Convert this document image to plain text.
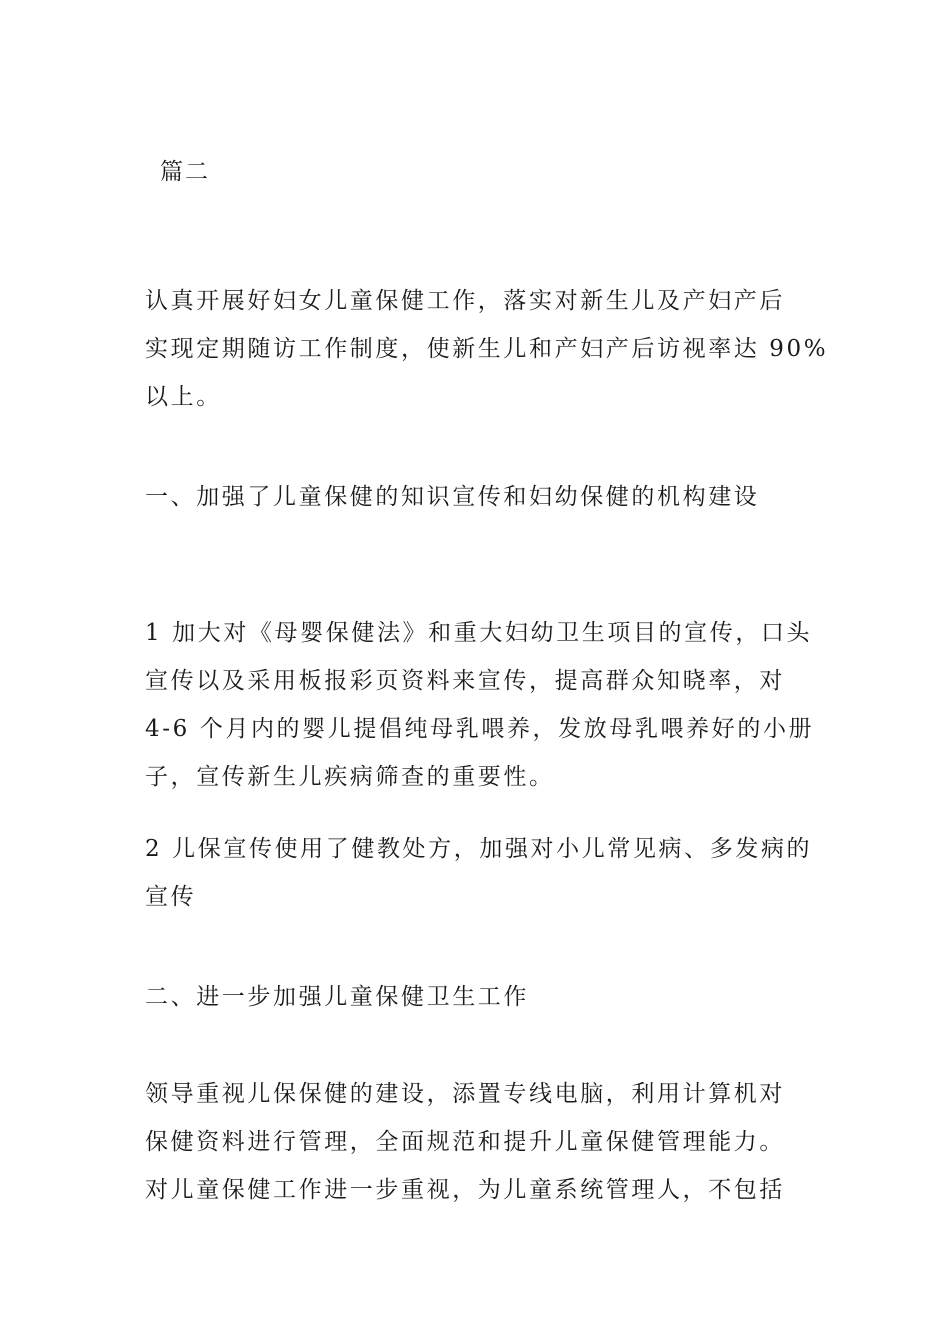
篇二
认真开展好妇女儿童保健工作，落实对新生儿及产妇产后
实现定期随访工作制度，使新生儿和产妇产后访视率达 90%
以上。
一、加强了儿童保健的知识宣传和妇幼保健的机构建设
1 加大对《母婴保健法》和重大妇幼卫生项目的宣传，口头
宣传以及采用板报彩页资料来宣传，提高群众知晓率，对
4-6 个月内的婴儿提倡纯母乳喂养，发放母乳喂养好的小册
子，宣传新生儿疾病筛查的重要性。
2 儿保宣传使用了健教处方，加强对小儿常见病、多发病的
宣传
二、进一步加强儿童保健卫生工作
领导重视儿保保健的建设，添置专线电脑，利用计算机对
保健资料进行管理，全面规范和提升儿童保健管理能力。
对儿童保健工作进一步重视，为儿童系统管理人，不包括
